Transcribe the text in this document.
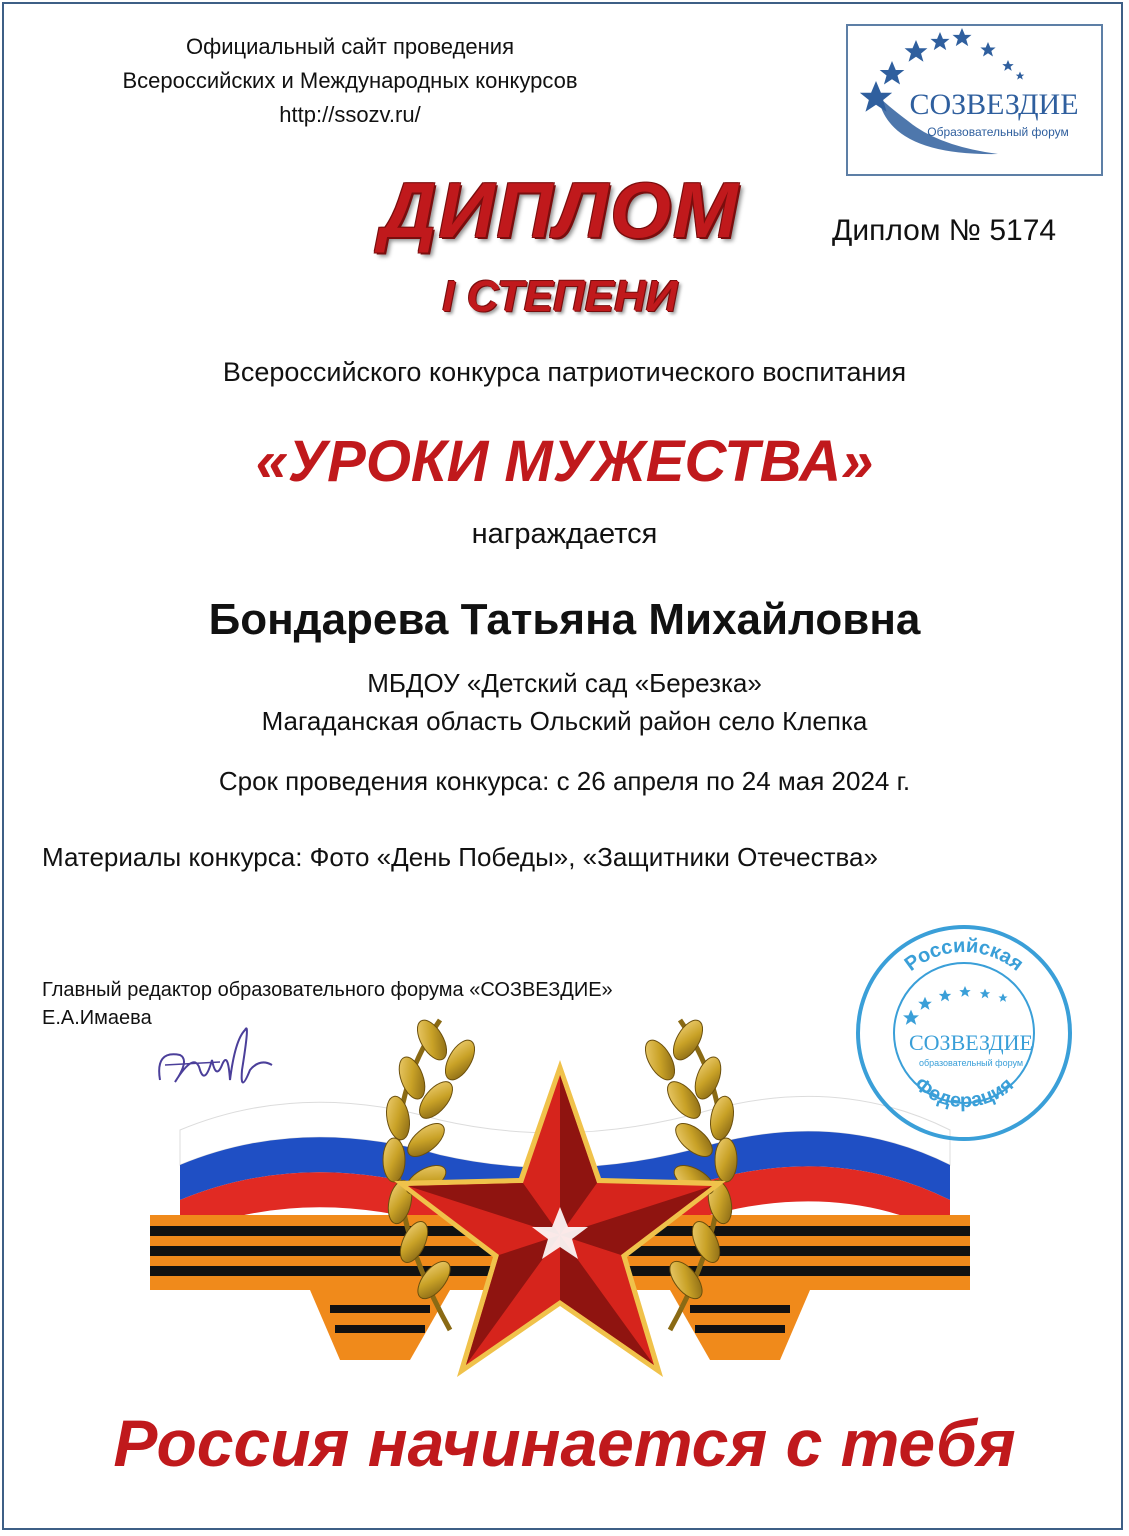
Официальный сайт проведения
Всероссийских и Международных конкурсов
http://ssozv.ru/	СОЗВЕЗДИЕ
Образовательный форум
ДИПЛОМ
I СТЕПЕНИ
Диплом № 5174
Всероссийского конкурса патриотического воспитания
«УРОКИ МУЖЕСТВА»
награждается
Бондарева Татьяна Михайловна
МБДОУ «Детский сад «Березка»
Магаданская область Ольский район село Клепка
Срок проведения конкурса: с 26 апреля по 24 мая 2024 г.
Материалы конкурса: Фото «День Победы», «Защитники Отечества»
Главный редактор образовательного форума «СОЗВЕЗДИЕ»
Е.А.Имаева
Российская
Федерация
СОЗВЕЗДИЕ
образовательный форум
Россия начинается с тебя
